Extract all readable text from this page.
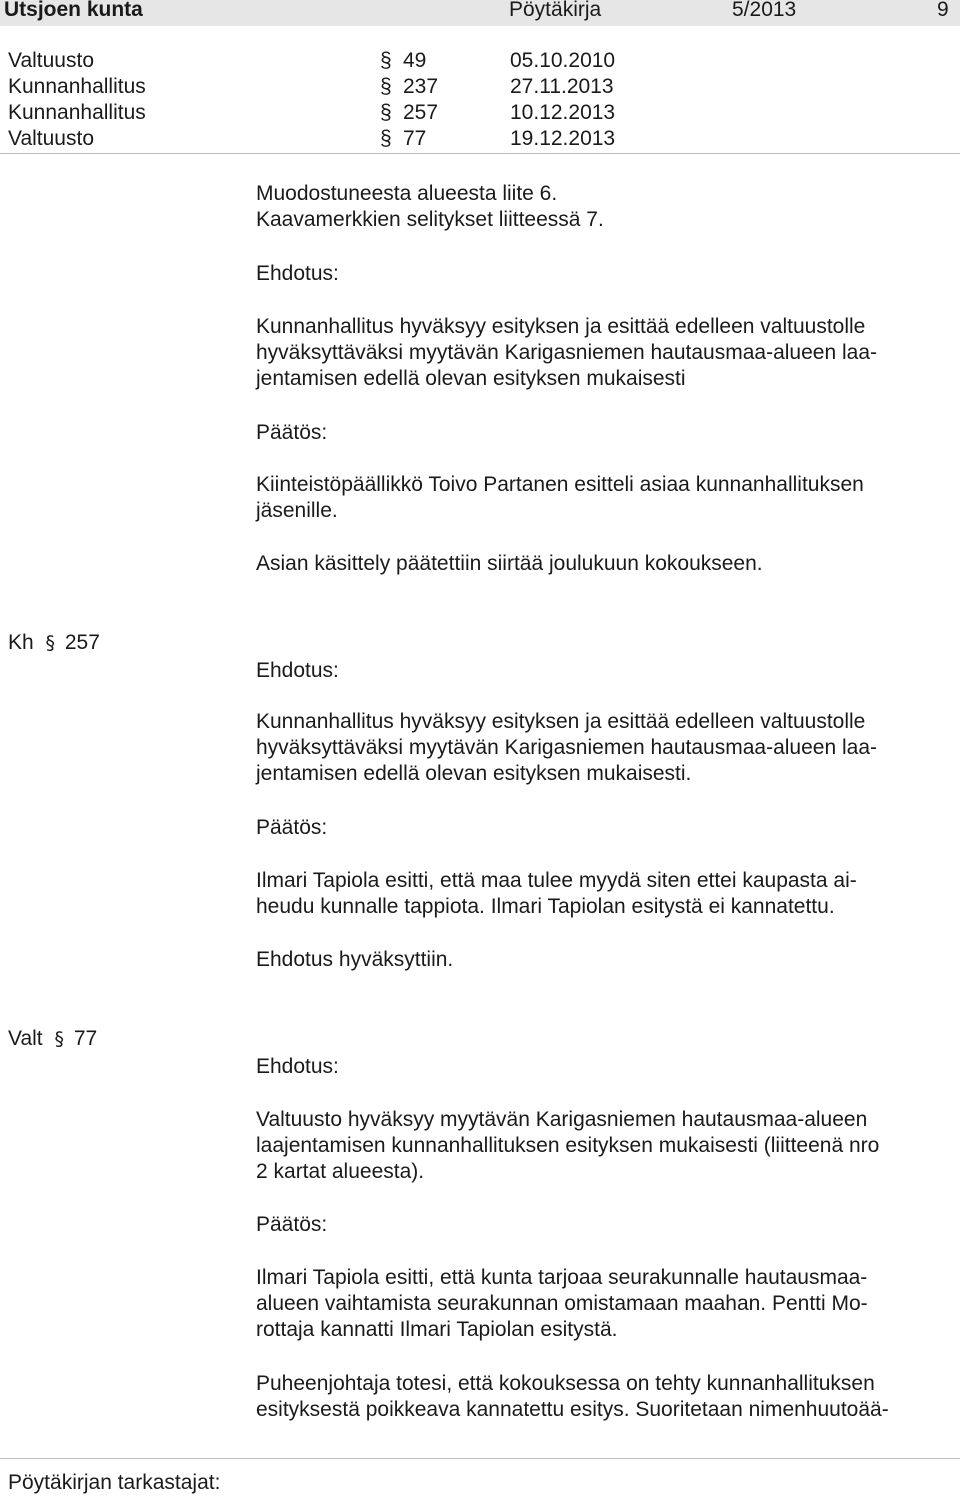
Utsjoen kunta	Pöytäkirja	5/2013	9
Valtuusto	§ 49	05.10.2010
Kunnanhallitus	§ 237	27.11.2013
Kunnanhallitus	§ 257	10.12.2013
Valtuusto	§ 77	19.12.2013
Muodostuneesta alueesta liite 6.
Kaavamerkkien selitykset liitteessä 7.
Ehdotus:
Kunnanhallitus hyväksyy esityksen ja esittää edelleen valtuustolle
hyväksyttäväksi myytävän Karigasniemen hautausmaa-alueen laa-
jentamisen edellä olevan esityksen mukaisesti
Päätös:
Kiinteistöpäällikkö Toivo Partanen esitteli asiaa kunnanhallituksen
jäsenille.
Asian käsittely päätettiin siirtää joulukuun kokoukseen.
Kh § 257
Ehdotus:
Kunnanhallitus hyväksyy esityksen ja esittää edelleen valtuustolle
hyväksyttäväksi myytävän Karigasniemen hautausmaa-alueen laa-
jentamisen edellä olevan esityksen mukaisesti.
Päätös:
Ilmari Tapiola esitti, että maa tulee myydä siten ettei kaupasta ai-
heudu kunnalle tappiota. Ilmari Tapiolan esitystä ei kannatettu.
Ehdotus hyväksyttiin.
Valt § 77
Ehdotus:
Valtuusto hyväksyy myytävän Karigasniemen hautausmaa-alueen
laajentamisen kunnanhallituksen esityksen mukaisesti (liitteenä nro
2 kartat alueesta).
Päätös:
Ilmari Tapiola esitti, että kunta tarjoaa seurakunnalle hautausmaa-
alueen vaihtamista seurakunnan omistamaan maahan. Pentti Mo-
rottaja kannatti Ilmari Tapiolan esitystä.
Puheenjohtaja totesi, että kokouksessa on tehty kunnanhallituksen
esityksestä poikkeava kannatettu esitys. Suoritetaan nimenhuutoää-
Pöytäkirjan tarkastajat:
